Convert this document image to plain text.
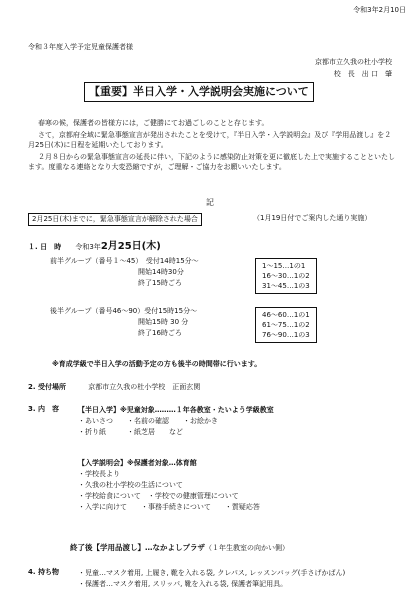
令和3年2月10日
令和３年度入学予定児童保護者様
京都市立久我の杜小学校
校　長　出 口　肇
【重要】半日入学・入学説明会実施について

春寒の候，保護者の皆様方には，ご健勝にてお過ごしのことと存じます。

さて，京都府全域に緊急事態宣言が発出されたことを受けて，『半日入学・入学説明会』及び『学用品渡し』を２月25日(木)に日程を延期いたしております。

２月８日からの緊急事態宣言の延長に伴い，下記のように感染防止対策を更に徹底した上で実施することといたします。度重なる連絡となり大変恐縮ですが，ご理解・ご協力をお願いいたします。

記
2月25日(木)までに，緊急事態宣言が解除された場合	（1月19日付でご案内した通り実施）
１. 日　時 令和3年2月25日(木)
前半グループ（番号１～45）　受付14時15分～
開始14時30分
終了15時ごろ
1～15…1の1
16～30…1の2
31～45…1の3
後半グループ（番号46～90）受付15時15分～
開始15時 30 分
終了16時ごろ
46～60…1の1
61～75…1の2
76～90…1の3
※育成学級で半日入学の活動予定の方も後半の時間帯に行います。
2. 受付場所	京都市立久我の杜小学校　正面玄関
3. 内　容	【半日入学】※児童対象………１年各教室・たいよう学級教室
・あいさつ　　・名前の確認　　・お絵かき
・折り紙　　　・紙芝居　　など
【入学説明会】※保護者対象…体育館
・学校長より
・久我の杜小学校の生活について
・学校給食について　・学校での健康管理について
・入学に向けて　　・事務手続きについて　　・質疑応答
終了後【学用品渡し】…なかよしプラザ（１年生教室の向かい側）
4. 持ち物	・児童…マスク着用, 上履き, 靴を入れる袋, クレパス, レッスンバッグ(手さげかばん)
・保護者…マスク着用, スリッパ, 靴を入れる袋, 保護者筆記用具。
